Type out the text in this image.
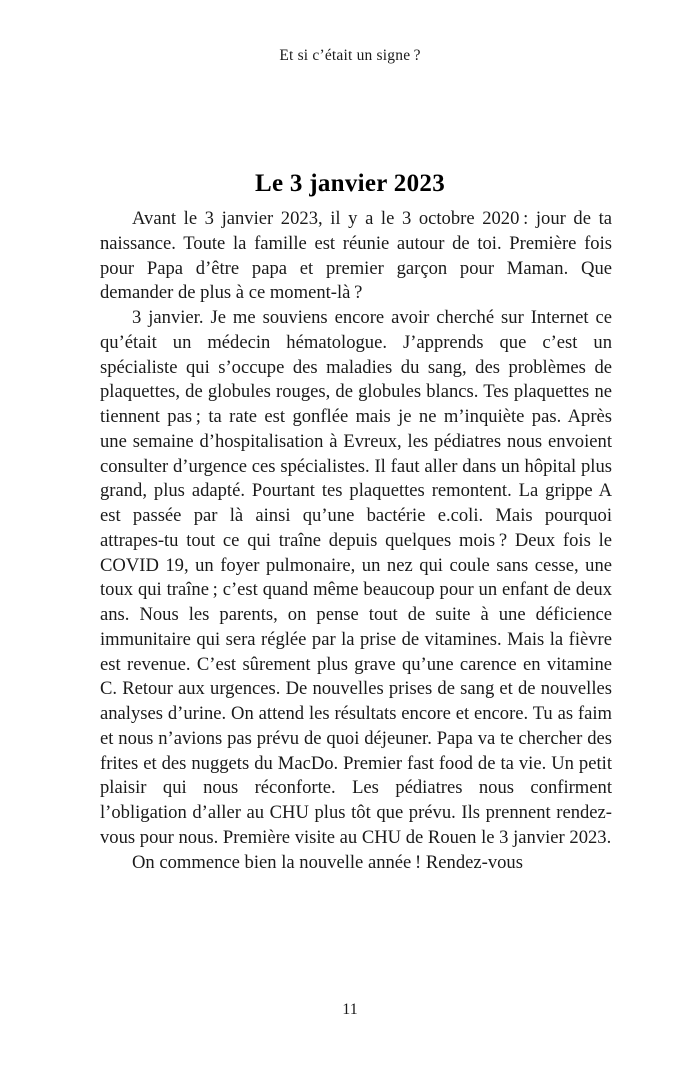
Et si c’était un signe ?
Le 3 janvier 2023

Avant le 3 janvier 2023, il y a le 3 octobre 2020 : jour de ta naissance. Toute la famille est réunie autour de toi. Première fois pour Papa d’être papa et premier garçon pour Maman. Que demander de plus à ce moment-là ?

3 janvier. Je me souviens encore avoir cherché sur Internet ce qu’était un médecin hématologue. J’apprends que c’est un spécialiste qui s’occupe des maladies du sang, des problèmes de plaquettes, de globules rouges, de globules blancs. Tes plaquettes ne tiennent pas ; ta rate est gonflée mais je ne m’inquiète pas. Après une semaine d’hospitalisation à Evreux, les pédiatres nous envoient consulter d’urgence ces spécialistes. Il faut aller dans un hôpital plus grand, plus adapté. Pourtant tes plaquettes remontent. La grippe A est passée par là ainsi qu’une bactérie e.coli. Mais pourquoi attrapes-tu tout ce qui traîne depuis quelques mois ? Deux fois le COVID 19, un foyer pulmonaire, un nez qui coule sans cesse, une toux qui traîne ; c’est quand même beaucoup pour un enfant de deux ans. Nous les parents, on pense tout de suite à une déficience immunitaire qui sera réglée par la prise de vitamines. Mais la fièvre est revenue. C’est sûrement plus grave qu’une carence en vitamine C. Retour aux urgences. De nouvelles prises de sang et de nouvelles analyses d’urine. On attend les résultats encore et encore. Tu as faim et nous n’avions pas prévu de quoi déjeuner. Papa va te chercher des frites et des nuggets du MacDo. Premier fast food de ta vie. Un petit plaisir qui nous réconforte. Les pédiatres nous confirment l’obligation d’aller au CHU plus tôt que prévu. Ils prennent rendez-vous pour nous. Première visite au CHU de Rouen le 3 janvier 2023.

On commence bien la nouvelle année ! Rendez-vous

11
